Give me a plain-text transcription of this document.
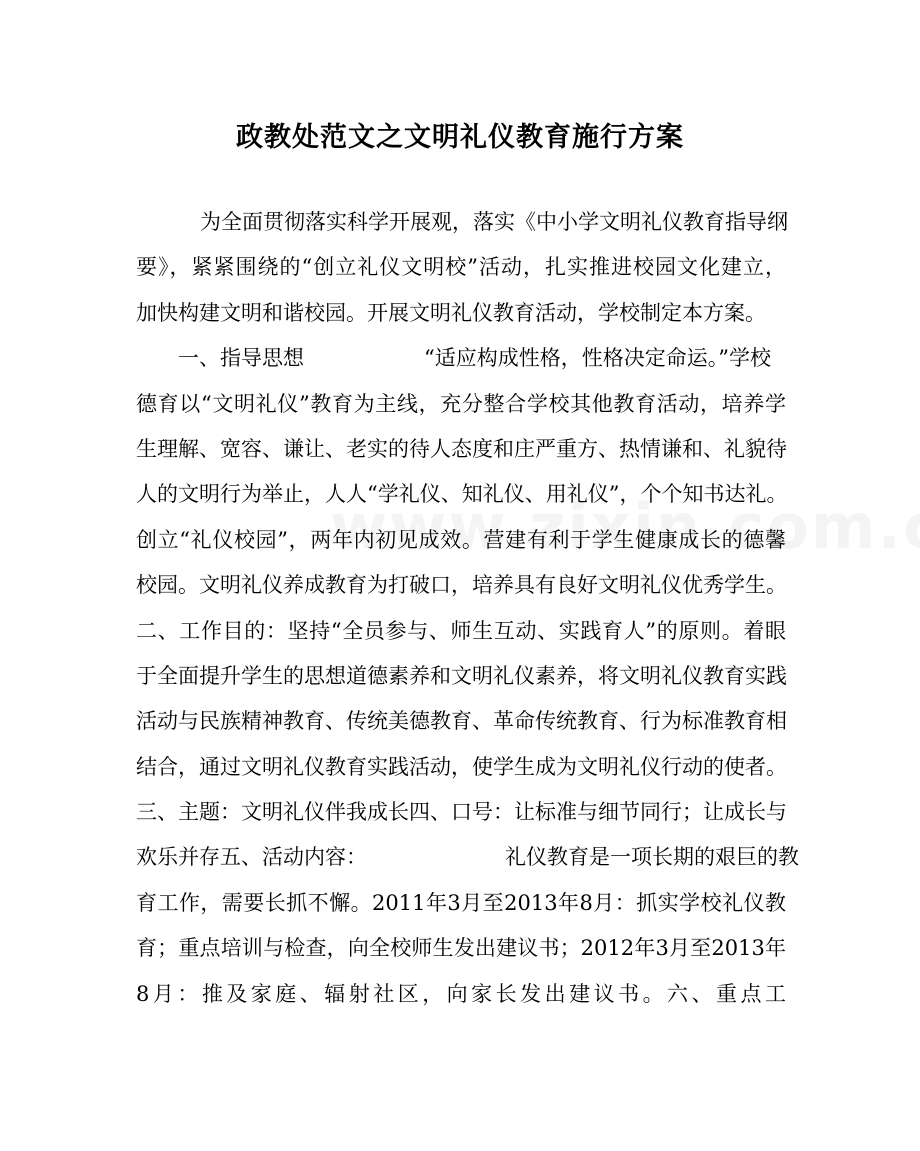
政教处范文之文明礼仪教育施行方案
为全面贯彻落实科学开展观，落实《中小学文明礼仪教育指导纲
要》，紧紧围绕的“创立礼仪文明校”活动，扎实推进校园文化建立，
加快构建文明和谐校园。开展文明礼仪教育活动，学校制定本方案。
一、指导思想	“适应构成性格，性格决定命运。”学校
德育以“文明礼仪”教育为主线，充分整合学校其他教育活动，培养学
生理解、宽容、谦让、老实的待人态度和庄严重方、热情谦和、礼貌待
人的文明行为举止，人人“学礼仪、知礼仪、用礼仪”，个个知书达礼。
创立“礼仪校园”，两年内初见成效。营建有利于学生健康成长的德馨
校园。文明礼仪养成教育为打破口，培养具有良好文明礼仪优秀学生。
二、工作目的：坚持“全员参与、师生互动、实践育人”的原则。着眼
于全面提升学生的思想道德素养和文明礼仪素养，将文明礼仪教育实践
活动与民族精神教育、传统美德教育、革命传统教育、行为标准教育相
结合，通过文明礼仪教育实践活动，使学生成为文明礼仪行动的使者。
三、主题：文明礼仪伴我成长四、口号：让标准与细节同行；让成长与
欢乐并存五、活动内容：	礼仪教育是一项长期的艰巨的教
育工作，需要长抓不懈。2011年3月至2013年8月：抓实学校礼仪教
育；重点培训与检查，向全校师生发出建议书；2012年3月至2013年
8月：推及家庭、辐射社区，向家长发出建议书。六、重点工
